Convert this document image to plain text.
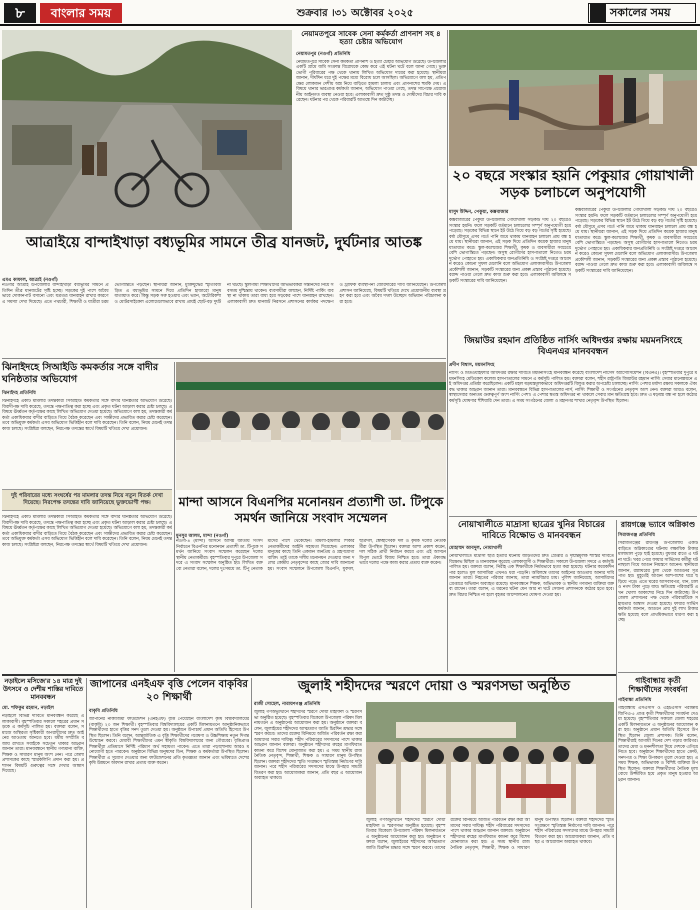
৮	বাংলার সময়	শুক্রবার ।৩১ অক্টোবর ২০২৫	সকালের সময়
নেয়ামতপুরে সাবেক সেনা কর্মকর্তা প্রাণনাশ সহ ৪ হত্যা চেষ্টার অভিযোগ
নেয়ামতপুর (নওগাঁ) প্রতিনিধি
নেয়ামতপুরে সাবেক সেনা কর্মকর্তা প্রাণনাশ ও হত্যা চেষ্টার অভিযোগ উঠেছে। উপজেলার একটি গ্রামে জমি সংক্রান্ত বিরোধকে কেন্দ্র করে এই ঘটনা ঘটে বলে জানা গেছে। ভুক্তভোগী পরিবারের পক্ষ থেকে থানায় লিখিত অভিযোগ দায়ের করা হয়েছে। স্থানীয়রা জানান, দীর্ঘদিন ধরে দুই পক্ষের মধ্যে বিরোধ চলে আসছিল। অভিযোগে বলা হয়, প্রতিপক্ষের লোকজন দেশীয় অস্ত্র নিয়ে বাড়িতে হামলা চালায় এবং প্রাণনাশের হুমকি দেয়। এ বিষয়ে থানার ভারপ্রাপ্ত কর্মকর্তা জানান, অভিযোগ পাওয়া গেছে, তদন্ত সাপেক্ষে প্রয়োজনীয় আইনগত ব্যবস্থা নেওয়া হবে। এলাকাবাসী দ্রুত সুষ্ঠু তদন্ত ও দোষীদের বিচার দাবি করেছেন। ঘটনার পর থেকে পরিবারটি আতঙ্কে দিন কাটাচ্ছে।
২০ বছরে সংস্কার হয়নি পেকুয়ার গোয়াখালী সড়ক চলাচলে অনুপযোগী
মাসুদ উদ্দিন, পেকুয়া, কক্সবাজার
কক্সবাজারের পেকুয়া উপজেলার গোয়াখালী সড়কটি দীর্ঘ ২০ বছরেও সংস্কার হয়নি। ফলে সড়কটি বর্তমানে চলাচলের সম্পূর্ণ অনুপযোগী হয়ে পড়েছে। সড়কের বিভিন্ন স্থানে ইট উঠে গিয়ে বড় বড় গর্তের সৃষ্টি হয়েছে। বর্ষা মৌসুমে এসব গর্তে পানি জমে থাকায় যানবাহন চলাচল প্রায় বন্ধ হয়ে যায়। স্থানীয়রা জানান, এই সড়ক দিয়ে প্রতিদিন কয়েক হাজার মানুষ যাতায়াত করে। স্কুল-কলেজের শিক্ষার্থী, কৃষক ও ব্যবসায়ীরা সবচেয়ে বেশি ভোগান্তিতে পড়ছেন। অসুস্থ রোগীদের হাসপাতালে নিতেও চরম দুর্ভোগ পোহাতে হয়। একাধিকবার জনপ্রতিনিধি ও সংশ্লিষ্ট দপ্তরে আবেদন করেও কোনো সুফল মেলেনি বলে অভিযোগ এলাকাবাসীর। উপজেলা প্রকৌশলী জানান, সড়কটি সংস্কারের জন্য প্রকল্প প্রস্তাব পাঠানো হয়েছে। বরাদ্দ পাওয়া গেলে দ্রুত কাজ শুরু করা হবে। এলাকাবাসী অবিলম্বে সড়কটি সংস্কারের দাবি জানিয়েছেন।
কক্সবাজারের পেকুয়া উপজেলার গোয়াখালী সড়কটি দীর্ঘ ২০ বছরেও সংস্কার হয়নি। ফলে সড়কটি বর্তমানে চলাচলের সম্পূর্ণ অনুপযোগী হয়ে পড়েছে। সড়কের বিভিন্ন স্থানে ইট উঠে গিয়ে বড় বড় গর্তের সৃষ্টি হয়েছে। বর্ষা মৌসুমে এসব গর্তে পানি জমে থাকায় যানবাহন চলাচল প্রায় বন্ধ হয়ে যায়। স্থানীয়রা জানান, এই সড়ক দিয়ে প্রতিদিন কয়েক হাজার মানুষ যাতায়াত করে। স্কুল-কলেজের শিক্ষার্থী, কৃষক ও ব্যবসায়ীরা সবচেয়ে বেশি ভোগান্তিতে পড়ছেন। অসুস্থ রোগীদের হাসপাতালে নিতেও চরম দুর্ভোগ পোহাতে হয়। একাধিকবার জনপ্রতিনিধি ও সংশ্লিষ্ট দপ্তরে আবেদন করেও কোনো সুফল মেলেনি বলে অভিযোগ এলাকাবাসীর। উপজেলা প্রকৌশলী জানান, সড়কটি সংস্কারের জন্য প্রকল্প প্রস্তাব পাঠানো হয়েছে। বরাদ্দ পাওয়া গেলে দ্রুত কাজ শুরু করা হবে। এলাকাবাসী অবিলম্বে সড়কটি সংস্কারের দাবি জানিয়েছেন।
আত্রাইয়ে বান্দাইখাড়া বধ্যভূমির সামনে তীব্র যানজট, দুর্ঘটনার আতঙ্ক
এমএ কাফাল, আত্রাই (নওগাঁ)
নওগাঁর আত্রাই উপজেলার বান্দাইখাড়া বধ্যভূমির সামনে প্রতিদিন তীব্র যানজটের সৃষ্টি হচ্ছে। সড়কের দুই পাশে অবৈধভাবে দোকানপাট বসানো এবং যত্রতত্র যানবাহন রাখার কারণে এ সমস্যা দেখা দিয়েছে। এতে পথচারী, শিক্ষার্থী ও যাত্রীরা চরম ভোগান্তিতে পড়ছেন। স্থানীয়রা জানান, মুক্তিযুদ্ধের স্মৃতিবিজড়িত এ বধ্যভূমির সামনে দিয়ে প্রতিদিন হাজারো মানুষ যাতায়াত করে। কিন্তু সড়ক সরু হওয়ায় এবং ভ্যান, অটোরিকশা ও মোটরসাইকেল এলোমেলোভাবে রাখায় প্রায়ই ছোট-বড় দুর্ঘটনা ঘটছে। স্কুলগামী শিক্ষার্থীদের অভিভাবকরা সন্তানদের নিয়ে সবসময় দুশ্চিন্তায় থাকেন। ব্যবসায়ীরা বলছেন, নির্দিষ্ট পার্কিং ব্যবস্থা না থাকায় তারা বাধ্য হয়ে সড়কের পাশে যানবাহন রাখছেন। এলাকাবাসী দ্রুত যানজট নিরসনে প্রশাসনের কার্যকর পদক্ষেপ ও ট্রাফিক ব্যবস্থাপনা জোরদারের দাবি জানিয়েছেন। উপজেলা প্রশাসন জানিয়েছে, বিষয়টি খতিয়ে দেখে প্রয়োজনীয় ব্যবস্থা গ্রহণ করা হবে এবং অবৈধ দখল উচ্ছেদে অভিযান পরিচালনা করা হবে।
জিয়াউর রহমান প্রতিষ্ঠিত নার্সিং অধিদপ্তর রক্ষায় ময়মনসিংহে বিএনএর মানববন্ধন
প্রদীপ বিশ্বাস, ময়মনসিংহ
নার্সিং ও মিডওয়াইফারি অধিদপ্তর রক্ষার দাবিতে ময়মনসিংহে মানববন্ধন করেছে বাংলাদেশ নার্সেস অ্যাসোসিয়েশন (বিএনএ)। বৃহস্পতিবার দুপুরে ময়মনসিংহ মেডিকেল কলেজ হাসপাতালের সামনে এ কর্মসূচি পালিত হয়। বক্তারা বলেন, শহীদ রাষ্ট্রপতি জিয়াউর রহমান নার্সিং সেবার মানোন্নয়নে এই অধিদপ্তর প্রতিষ্ঠা করেছিলেন। একটি মহল ষড়যন্ত্রমূলকভাবে অধিদপ্তরটি বিলুপ্ত করার অপচেষ্টা চালাচ্ছে। নার্সিং পেশার মর্যাদা রক্ষায় সকলকে ঐক্যবদ্ধ থাকার আহ্বান জানান তারা। মানববন্ধনে বিভিন্ন হাসপাতালের নার্স, নার্সিং শিক্ষার্থী ও সংগঠনের নেতৃবৃন্দ অংশ নেন। বক্তারা আরও বলেন, স্বাস্থ্যসেবার অন্যতম গুরুত্বপূর্ণ অংশ নার্সিং পেশা। এ পেশার স্বতন্ত্র অধিদপ্তর না থাকলে সেবার মান ক্ষতিগ্রস্ত হবে। দ্রুত এ ষড়যন্ত্র বন্ধ না হলে কঠোর কর্মসূচি ঘোষণার হুঁশিয়ারি দেন তারা। এ সময় সংগঠনের জেলা ও মহানগর শাখার নেতৃবৃন্দ উপস্থিত ছিলেন।
নোয়াখালীতে মাদ্রাসা ছাত্রের খুনির বিচারের দাবিতে বিক্ষোভ ও মানববন্ধন
মোহাম্মদ আবদুল, নোয়াখালী
নোয়াখালীতে মাদ্রাসা ছাত্র হত্যার ঘটনায় জড়িতদের দ্রুত গ্রেপ্তার ও দৃষ্টান্তমূলক শাস্তির দাবিতে বিক্ষোভ মিছিল ও মানববন্ধন করেছে এলাকাবাসী ও শিক্ষার্থীরা। সকালে উপজেলা সদরে এ কর্মসূচি পালিত হয়। বক্তারা বলেন, নিরীহ এক শিক্ষার্থীকে নির্মমভাবে হত্যা করা হয়েছে। ঘটনার কয়েকদিন পার হলেও মূল আসামিরা এখনও ধরা পড়েনি। অবিলম্বে তাদের আইনের আওতায় আনার দাবি জানান তারা। নিহতের পরিবার জানায়, তারা ন্যায়বিচার চায়। পুলিশ জানিয়েছে, আসামিদের গ্রেপ্তারে অভিযান অব্যাহত রয়েছে। মানববন্ধনে শিক্ষক, অভিভাবক ও স্থানীয় গণমান্য ব্যক্তিরা বক্তব্য রাখেন। তারা বলেন, এ ধরনের ঘটনা যেন আর না ঘটে সেজন্য প্রশাসনকে কঠোর হতে হবে। দ্রুত বিচার নিশ্চিত না হলে বৃহত্তর আন্দোলনের ঘোষণা দেওয়া হয়।
ঝিনাইদহে সিআইডি কমকর্তার সঙ্গে বাদীর ঘনিষ্ঠতার অভিযোগ
ঝিনাইদহ প্রতিনিধি
ঝিনাইদহে একটি মামলার তদন্তকারী সিআইডি কর্মকর্তার সঙ্গে বাদীর ঘনিষ্ঠতার অভিযোগ উঠেছে। বিবাদীপক্ষ দাবি করেছে, তদন্তে পক্ষপাতিত্ব করা হচ্ছে এবং প্রকৃত ঘটনা আড়াল করার চেষ্টা চলছে। এ বিষয়ে ঊর্ধ্বতন কর্তৃপক্ষের কাছে লিখিত অভিযোগ দেওয়া হয়েছে। অভিযোগে বলা হয়, তদন্তকারী কর্মকর্তা একাধিকবার বাদীর বাড়িতে গিয়ে বৈঠক করেছেন এবং সাক্ষীদের প্রভাবিত করার চেষ্টা করেছেন। তবে অভিযুক্ত কর্মকর্তা এসব অভিযোগ ভিত্তিহীন বলে দাবি করেছেন। তিনি বলেন, নিয়ম মেনেই তদন্ত কাজ চলছে। সংশ্লিষ্টরা বলছেন, নিরপেক্ষ তদন্তের স্বার্থে বিষয়টি খতিয়ে দেখা প্রয়োজন।
দুই পরিবারের মধ্যে সংঘর্ষের পর মামলার তদন্ত নিয়ে নতুন বিতর্ক দেখা দিয়েছে। নিরপেক্ষ তদন্তের দাবি জানিয়েছে ভুক্তভোগী পক্ষ।
ঝিনাইদহে একটি মামলার তদন্তকারী সিআইডি কর্মকর্তার সঙ্গে বাদীর ঘনিষ্ঠতার অভিযোগ উঠেছে। বিবাদীপক্ষ দাবি করেছে, তদন্তে পক্ষপাতিত্ব করা হচ্ছে এবং প্রকৃত ঘটনা আড়াল করার চেষ্টা চলছে। এ বিষয়ে ঊর্ধ্বতন কর্তৃপক্ষের কাছে লিখিত অভিযোগ দেওয়া হয়েছে। অভিযোগে বলা হয়, তদন্তকারী কর্মকর্তা একাধিকবার বাদীর বাড়িতে গিয়ে বৈঠক করেছেন এবং সাক্ষীদের প্রভাবিত করার চেষ্টা করেছেন। তবে অভিযুক্ত কর্মকর্তা এসব অভিযোগ ভিত্তিহীন বলে দাবি করেছেন। তিনি বলেন, নিয়ম মেনেই তদন্ত কাজ চলছে। সংশ্লিষ্টরা বলছেন, নিরপেক্ষ তদন্তের স্বার্থে বিষয়টি খতিয়ে দেখা প্রয়োজন।
মান্দা আসনে বিএনপির মনোনয়ন প্রত্যাশী ডা. টিপুকে সমর্থন জানিয়ে সংবাদ সম্মেলন
মুনসুর আলম, মান্দা (নওগাঁ)
নওগাঁ-৪ (মান্দা) আসনে আসন্ন জাতীয় সংসদ নির্বাচনে বিএনপির মনোনয়ন প্রত্যাশী ডা. টিপুকে সমর্থন জানিয়ে সংবাদ সম্মেলন করেছেন দলের স্থানীয় নেতাকর্মীরা। বৃহস্পতিবার দুপুরে উপজেলা সদরে এ সংবাদ সম্মেলন অনুষ্ঠিত হয়। লিখিত বক্তব্যে নেতারা বলেন, দলের দুঃসময়ে ডা. টিপু নেতাকর্মীদের পাশে থেকেছেন। মামলা-হামলার শিকার নেতাকর্মীদের আইনি সহায়তা দিয়েছেন। এলাকার মানুষের কাছে তিনি একজন জনপ্রিয় ও গ্রহণযোগ্য ব্যক্তি। তাই তাকে দলীয় মনোনয়ন দেওয়ার জন্য দলের কেন্দ্রীয় নেতৃবৃন্দের কাছে জোর দাবি জানানো হয়। সংবাদ সম্মেলনে উপজেলা বিএনপি, যুবদল, ছাত্রদল, স্বেচ্ছাসেবক দল ও কৃষক দলের নেতাকর্মীরা উপস্থিত ছিলেন। বক্তারা আশা প্রকাশ করেন, দল সঠিক প্রার্থী নির্বাচন করবে এবং এই আসনে বিপুল ভোটে বিজয় নিশ্চিত হবে। তারা ঐক্যবদ্ধভাবে দলের পক্ষে কাজ করার প্রত্যয় ব্যক্ত করেন।
রায়গঞ্জে ভ্যাবে অগ্নিকাণ্ড
সিরাজগঞ্জ প্রতিনিধি
সিরাজগঞ্জের রায়গঞ্জ উপজেলায় একটি বাড়িতে অগ্নিকাণ্ডের ঘটনায় লক্ষাধিক টাকার মালামাল পুড়ে ছাই হয়েছে। বুধবার রাতে এ ঘটনা ঘটে। খবর পেয়ে ফায়ার সার্ভিসের কর্মীরা ঘটনাস্থলে গিয়ে আগুন নিয়ন্ত্রণে আনেন। স্থানীয়রা জানান, রান্নাঘরের চুলা থেকে আগুনের সূত্রপাত হয়। মুহূর্তেই আগুন আশপাশের ঘরে ছড়িয়ে পড়ে। এতে ঘরের আসবাবপত্র, ধান, চাল ও নগদ টাকা পুড়ে যায়। ক্ষতিগ্রস্ত পরিবারটি এখন খোলা আকাশের নিচে দিন কাটাচ্ছে। উপজেলা প্রশাসনের পক্ষ থেকে পরিবারটিকে সহায়তার আশ্বাস দেওয়া হয়েছে। ফায়ার সার্ভিস কর্মকর্তা জানান, আগুনে প্রায় দুই লাখ টাকার ক্ষতি হয়েছে বলে প্রাথমিকভাবে ধারণা করা হচ্ছে।
গাইবান্ধায় কৃতী শিক্ষার্থীদের সংবর্ধনা
গাইবান্ধা প্রতিনিধি
গাইবান্ধায় এসএসসি ও এইচএসসি পরীক্ষায় জিপিএ-৫ প্রাপ্ত কৃতী শিক্ষার্থীদের সংবর্ধনা দেওয়া হয়েছে। বৃহস্পতিবার সকালে জেলা শহরের একটি মিলনায়তনে এ অনুষ্ঠানের আয়োজন করা হয়। অনুষ্ঠানে প্রধান অতিথি হিসেবে উপস্থিত ছিলেন জেলা প্রশাসক। তিনি বলেন, শিক্ষার্থীরাই আগামী দিনের দেশ গড়ার কারিগর। তাদের মেধা ও মননশীলতা দিয়ে দেশকে এগিয়ে নিতে হবে। অনুষ্ঠানে শিক্ষার্থীদের হাতে ক্রেস্ট, সনদপত্র ও শিক্ষা উপকরণ তুলে দেওয়া হয়। এ সময় শিক্ষক, অভিভাবক ও বিশিষ্ট ব্যক্তিরা উপস্থিত ছিলেন। বক্তারা শিক্ষার্থীদের নৈতিক মূল্যবোধে উজ্জীবিত হয়ে প্রকৃত মানুষ হওয়ার আহ্বান জানান।
নড়াইলে মসিজে'র ১৪ মাত্র দুই উৎসবে ও দেশীয় শাস্তির দাবিতে মানববন্ধন
মো. শফিকুর রহমান, নড়াইল
নড়াইলে বিভিন্ন দাবিতে মানববন্ধন করেছে এলাকাবাসী। বৃহস্পতিবার সকালে শহরের প্রধান সড়কে এ কর্মসূচি পালিত হয়। বক্তারা বলেন, সমাজে অস্থিরতা সৃষ্টিকারী অপরাধীদের দ্রুত আইনের আওতায় আনতে হবে। ধর্মীয় সম্প্রীতি বজায় রাখতে সবাইকে সচেতন থাকার আহ্বান জানান তারা। মানববন্ধনে স্থানীয় গণ্যমান্য ব্যক্তি, শিক্ষক ও সাধারণ মানুষ অংশ নেন। পরে জেলা প্রশাসকের কাছে স্মারকলিপি প্রদান করা হয়। প্রশাসন বিষয়টি গুরুত্বের সঙ্গে দেখার আশ্বাস দিয়েছে।
জাপানের এনইএফ বৃত্তি পেলেন বাকৃবির ২০ শিক্ষার্থী
বাকৃবি প্রতিনিধি
জাপানের নাকাজিমা ফাউন্ডেশন (এনইএফ) বৃত্তি পেয়েছেন বাংলাদেশ কৃষি বিশ্ববিদ্যালয়ের (বাকৃবি) ২০ জন শিক্ষার্থী। বৃহস্পতিবার বিশ্ববিদ্যালয়ের একটি মিলনায়তনে আনুষ্ঠানিকভাবে শিক্ষার্থীদের হাতে বৃত্তির সনদ তুলে দেওয়া হয়। অনুষ্ঠানে উপাচার্য প্রধান অতিথি হিসেবে উপস্থিত ছিলেন। তিনি বলেন, আন্তর্জাতিক এ বৃত্তি শিক্ষার্থীদের গবেষণা ও উচ্চশিক্ষায় নতুন দিগন্ত উন্মোচন করবে। মেধাবী শিক্ষার্থীদের এমন স্বীকৃতি বিশ্ববিদ্যালয়ের জন্য গৌরবের। বৃত্তিপ্রাপ্ত শিক্ষার্থীরা প্রতিমাসে নির্দিষ্ট পরিমাণ অর্থ সহায়তা পাবেন। এতে তারা পড়াশোনায় আরও মনোযোগী হতে পারবেন। অনুষ্ঠানে বিভিন্ন অনুষদের ডিন, শিক্ষক ও কর্মকর্তারা উপস্থিত ছিলেন। শিক্ষার্থীরা এ সুযোগ দেওয়ার জন্য ফাউন্ডেশনের প্রতি কৃতজ্ঞতা জানান এবং ভবিষ্যতে দেশের কৃষি উন্নয়নে অবদান রাখার প্রত্যয় ব্যক্ত করেন।
জুলাই শহীদদের স্মরণে দোয়া ও স্মরণসভা অনুষ্ঠিত
রাজী সোহেল, নারায়ণগঞ্জ প্রতিনিধি
জুলাই গণঅভ্যুত্থানে শহীদদের স্মরণে দোয়া মাহফিল ও স্মরণসভা অনুষ্ঠিত হয়েছে। বৃহস্পতিবার বিকেলে উপজেলা পরিষদ মিলনায়তনে এ অনুষ্ঠানের আয়োজন করা হয়। অনুষ্ঠানে বক্তারা বলেন, জুলাইয়ের শহীদদের আত্মত্যাগ জাতি চিরদিন শ্রদ্ধার সঙ্গে স্মরণ করবে। তাদের রক্তের বিনিময়ে অর্জিত পরিবর্তন রক্ষা করা আমাদের সবার দায়িত্ব। শহীদ পরিবারের সদস্যদের পাশে থাকার আহ্বান জানান বক্তারা। অনুষ্ঠানে শহীদদের রুহের মাগফিরাত কামনা করে বিশেষ মোনাজাত করা হয়। এ সময় স্থানীয় রাজনৈতিক নেতৃবৃন্দ, শিক্ষার্থী, শিক্ষক ও সাধারণ মানুষ উপস্থিত ছিলেন। বক্তারা শহীদদের স্মৃতি সংরক্ষণে স্মৃতিস্তম্ভ নির্মাণের দাবি জানান। পরে শহীদ পরিবারের সদস্যদের মাঝে উপহার সামগ্রী বিতরণ করা হয়। আয়োজকরা জানান, প্রতি বছর এ আয়োজন অব্যাহত থাকবে।
জুলাই গণঅভ্যুত্থানে শহীদদের স্মরণে দোয়া মাহফিল ও স্মরণসভা অনুষ্ঠিত হয়েছে। বৃহস্পতিবার বিকেলে উপজেলা পরিষদ মিলনায়তনে এ অনুষ্ঠানের আয়োজন করা হয়। অনুষ্ঠানে বক্তারা বলেন, জুলাইয়ের শহীদদের আত্মত্যাগ জাতি চিরদিন শ্রদ্ধার সঙ্গে স্মরণ করবে। তাদের রক্তের বিনিময়ে অর্জিত পরিবর্তন রক্ষা করা আমাদের সবার দায়িত্ব। শহীদ পরিবারের সদস্যদের পাশে থাকার আহ্বান জানান বক্তারা। অনুষ্ঠানে শহীদদের রুহের মাগফিরাত কামনা করে বিশেষ মোনাজাত করা হয়। এ সময় স্থানীয় রাজনৈতিক নেতৃবৃন্দ, শিক্ষার্থী, শিক্ষক ও সাধারণ মানুষ উপস্থিত ছিলেন। বক্তারা শহীদদের স্মৃতি সংরক্ষণে স্মৃতিস্তম্ভ নির্মাণের দাবি জানান। পরে শহীদ পরিবারের সদস্যদের মাঝে উপহার সামগ্রী বিতরণ করা হয়। আয়োজকরা জানান, প্রতি বছর এ আয়োজন অব্যাহত থাকবে।
